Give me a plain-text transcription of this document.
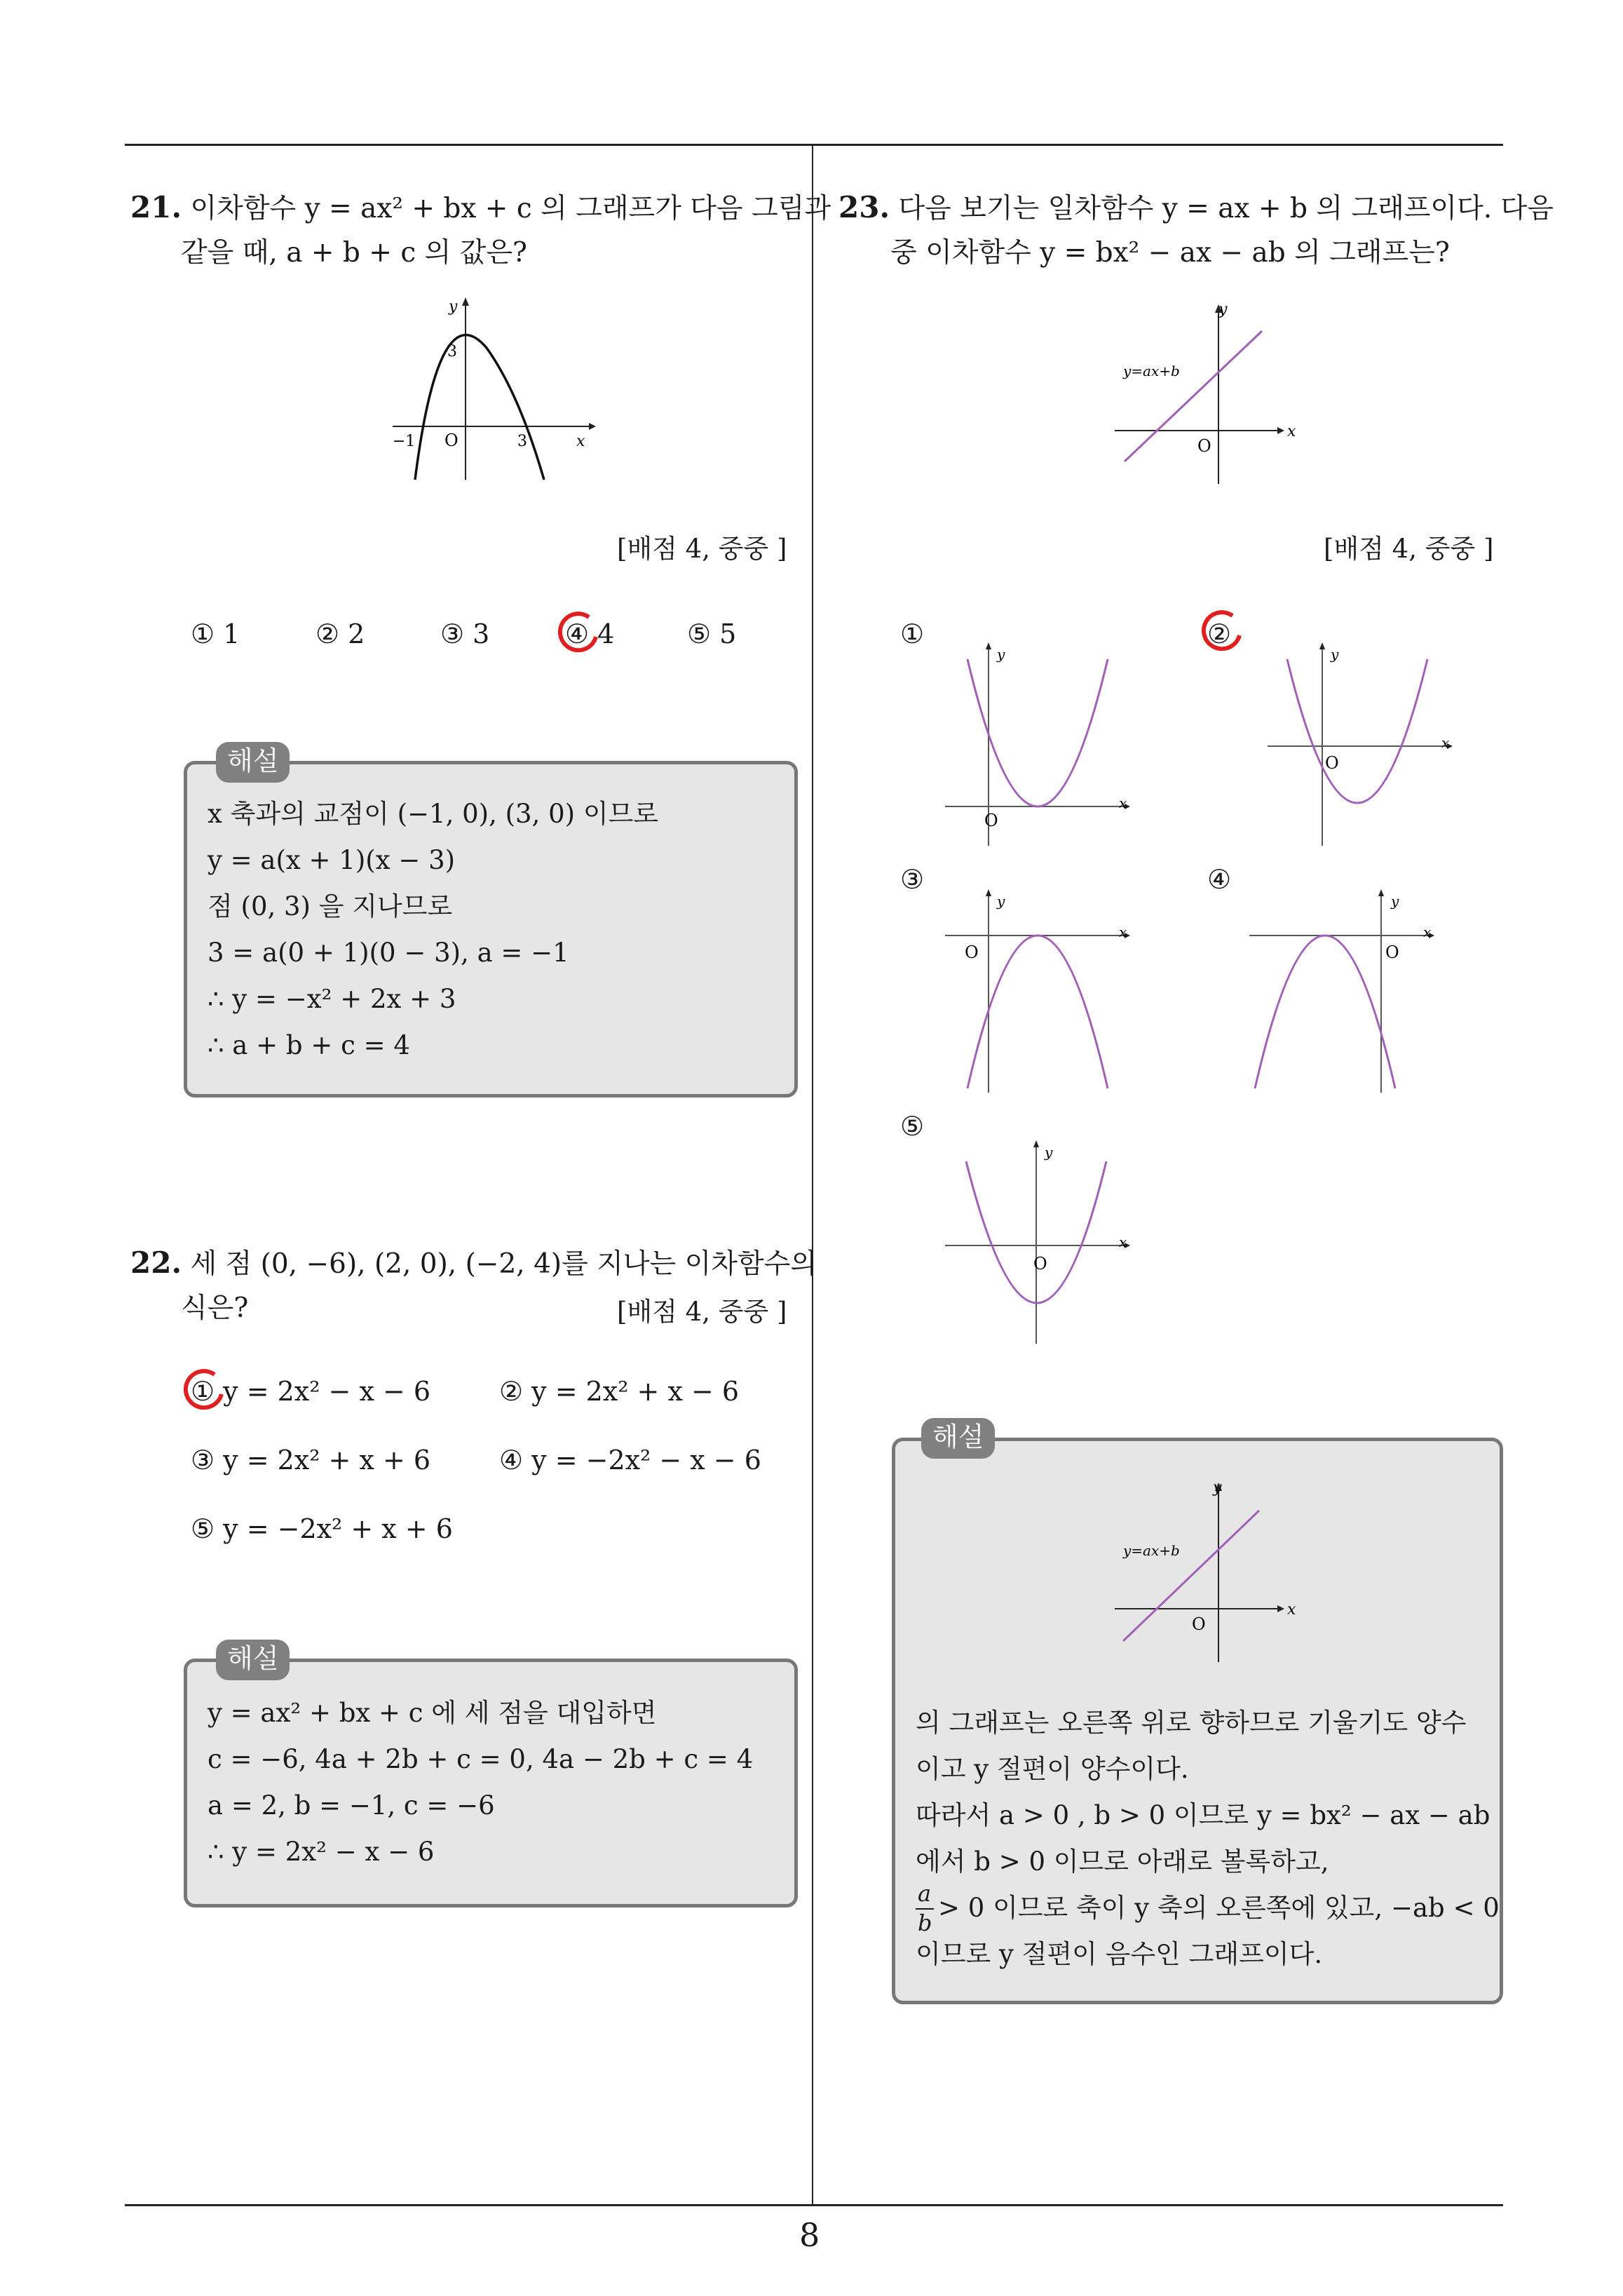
8
21. 이차함수 y = ax² + bx + c 의 그래프가 다음 그림과
같을 때, a + b + c 의 값은?
y
x
3
−1 O	3
[배점 4, 중중 ]
① 1	② 2	③ 3	④ 4	⑤ 5
해설
x 축과의 교점이 (−1, 0), (3, 0) 이므로
y = a(x + 1)(x − 3)
점 (0, 3) 을 지나므로
3 = a(0 + 1)(0 − 3), a = −1
∴ y = −x² + 2x + 3
∴ a + b + c = 4
22. 세 점 (0, −6), (2, 0), (−2, 4)를 지나는 이차함수의
식은?	[배점 4, 중중 ]
① y = 2x² − x − 6	② y = 2x² + x − 6
③ y = 2x² + x + 6	④ y = −2x² − x − 6
⑤ y = −2x² + x + 6
해설
y = ax² + bx + c 에 세 점을 대입하면
c = −6, 4a + 2b + c = 0, 4a − 2b + c = 4
a = 2, b = −1, c = −6
∴ y = 2x² − x − 6
23. 다음 보기는 일차함수 y = ax + b 의 그래프이다. 다음
중 이차함수 y = bx² − ax − ab 의 그래프는?
y
x
O
y=ax+b
[배점 4, 중중 ]
①
y
x
O
②
y
x
O
③
y
x
O
④
y
x
O
⑤
y
x
O
해설
y
x
O
y=ax+b
의 그래프는 오른쪽 위로 향하므로 기울기도 양수
이고 y 절편이 양수이다.
따라서 a > 0 , b > 0 이므로 y = bx² − ax − ab
에서 b > 0 이므로 아래로 볼록하고,
$\frac{a}{b} > 0$ 이므로 축이 y 축의 오른쪽에 있고, −ab < 0
이므로 y 절편이 음수인 그래프이다.
